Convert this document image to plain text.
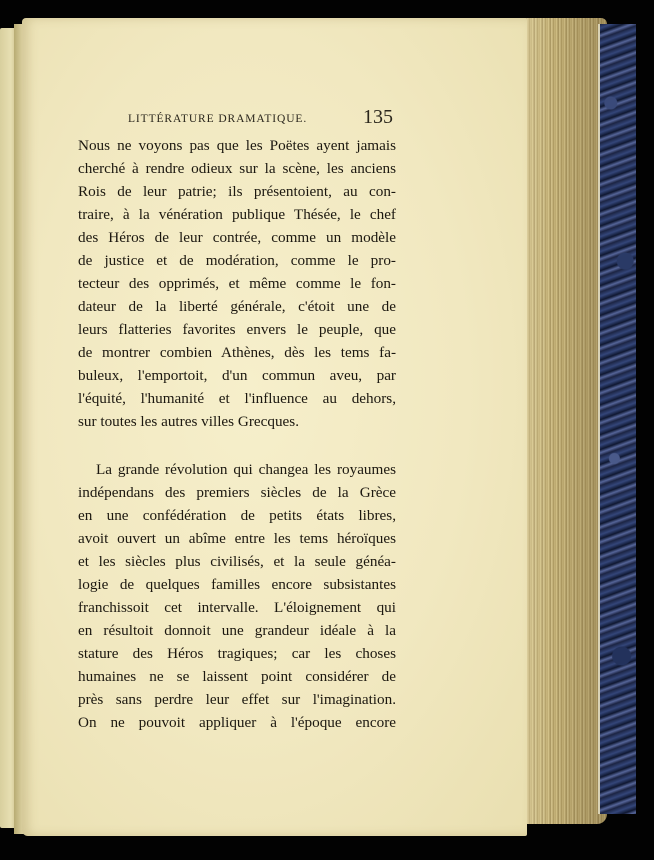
LITTÉRATURE DRAMATIQUE.	135
Nous ne voyons pas que les Poëtes ayent jamais
cherché à rendre odieux sur la scène, les anciens
Rois de leur patrie; ils présentoient, au con-
traire, à la vénération publique Thésée, le chef
des Héros de leur contrée, comme un modèle
de justice et de modération, comme le pro-
tecteur des opprimés, et même comme le fon-
dateur de la liberté générale, c'étoit une de
leurs flatteries favorites envers le peuple, que
de montrer combien Athènes, dès les tems fa-
buleux, l'emportoit, d'un commun aveu, par
l'équité, l'humanité et l'influence au dehors,
sur toutes les autres villes Grecques.
La grande révolution qui changea les royaumes
indépendans des premiers siècles de la Grèce
en une confédération de petits états libres,
avoit ouvert un abîme entre les tems héroïques
et les siècles plus civilisés, et la seule généa-
logie de quelques familles encore subsistantes
franchissoit cet intervalle. L'éloignement qui
en résultoit donnoit une grandeur idéale à la
stature des Héros tragiques; car les choses
humaines ne se laissent point considérer de
près sans perdre leur effet sur l'imagination.
On ne pouvoit appliquer à l'époque encore
